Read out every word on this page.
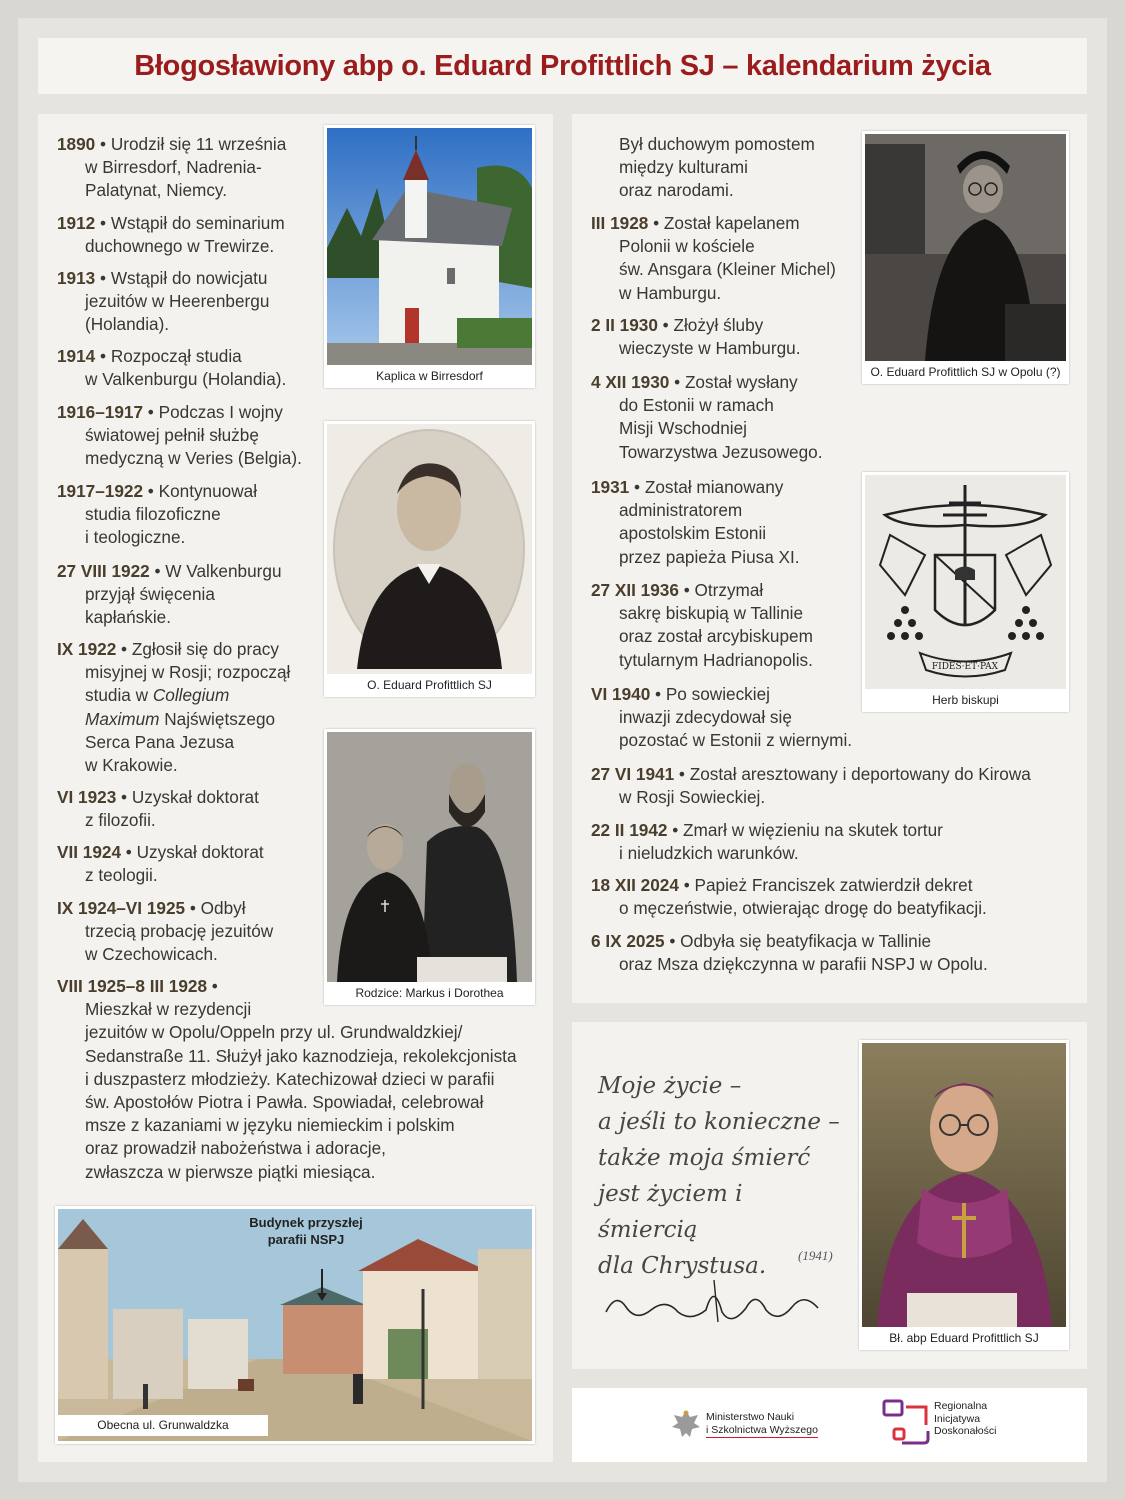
Błogosławiony abp o. Eduard Profittlich SJ – kalendarium życia
1890 • Urodził się 11 września
w Birresdorf, Nadrenia-
Palatynat, Niemcy.
1912 • Wstąpił do seminarium
duchownego w Trewirze.
1913 • Wstąpił do nowicjatu
jezuitów w Heerenbergu
(Holandia).
1914 • Rozpoczął studia
w Valkenburgu (Holandia).
1916–1917 • Podczas I wojny
światowej pełnił służbę
medyczną w Veries (Belgia).
1917–1922 • Kontynuował
studia filozoficzne
i teologiczne.
27 VIII 1922 • W Valkenburgu
przyjął święcenia
kapłańskie.
IX 1922 • Zgłosił się do pracy
misyjnej w Rosji; rozpoczął
studia w Collegium
Maximum Najświętszego
Serca Pana Jezusa
w Krakowie.
VI 1923 • Uzyskał doktorat
z filozofii.
VII 1924 • Uzyskał doktorat
z teologii.
IX 1924–VI 1925 • Odbył
trzecią probację jezuitów
w Czechowicach.
VIII 1925–8 III 1928 •
Mieszkał w rezydencji
jezuitów w Opolu/Oppeln przy ul. Grundwaldzkiej/
Sedanstraße 11. Służył jako kaznodzieja, rekolekcjonista
i duszpasterz młodzieży. Katechizował dzieci w parafii
św. Apostołów Piotra i Pawła. Spowiadał, celebrował
msze z kazaniami w języku niemieckim i polskim
oraz prowadził nabożeństwa i adoracje,
zwłaszcza w pierwsze piątki miesiąca.
Kaplica w Birresdorf
O. Eduard Profittlich SJ
Rodzice: Markus i Dorothea
Budynek przyszłej
parafii NSPJ
Obecna ul. Grunwaldzka
Był duchowym pomostem
między kulturami
oraz narodami.
III 1928 • Został kapelanem
Polonii w kościele
św. Ansgara (Kleiner Michel)
w Hamburgu.
2 II 1930 • Złożył śluby
wieczyste w Hamburgu.
4 XII 1930 • Został wysłany
do Estonii w ramach
Misji Wschodniej
Towarzystwa Jezusowego.
1931 • Został mianowany
administratorem
apostolskim Estonii
przez papieża Piusa XI.
27 XII 1936 • Otrzymał
sakrę biskupią w Tallinie
oraz został arcybiskupem
tytularnym Hadrianopolis.
VI 1940 • Po sowieckiej
inwazji zdecydował się
pozostać w Estonii z wiernymi.
27 VI 1941 • Został aresztowany i deportowany do Kirowa
w Rosji Sowieckiej.
22 II 1942 • Zmarł w więzieniu na skutek tortur
i nieludzkich warunków.
18 XII 2024 • Papież Franciszek zatwierdził dekret
o męczeństwie, otwierając drogę do beatyfikacji.
6 IX 2025 • Odbyła się beatyfikacja w Tallinie
oraz Msza dziękczynna w parafii NSPJ w Opolu.
O. Eduard Profittlich SJ w Opolu (?)
FIDES·ET·PAX
Herb biskupi
Moje życie –
a jeśli to konieczne –
także moja śmierć
jest życiem i śmiercią
dla Chrystusa.	(1941)
Bł. abp Eduard Profittlich SJ
Ministerstwo Nauki
i Szkolnictwa Wyższego
Regionalna
Inicjatywa
Doskonałości
